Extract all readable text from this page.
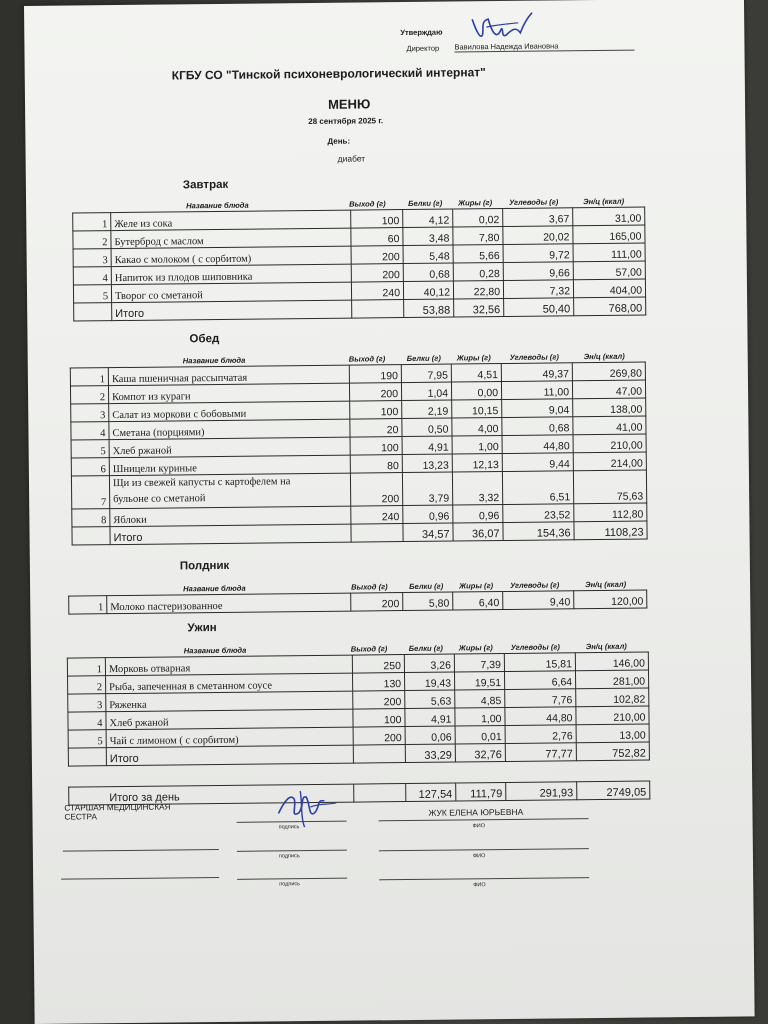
Утверждаю
Директор Вавилова Надежда Ивановна
КГБУ СО "Тинской психоневрологический интернат"
МЕНЮ
28 сентября 2025 г.
День:
диабет
Завтрак
Название блюда	Выход (г)	Белки (г) Жиры (г) Углеводы (г)	Эн/ц (ккал)
1	Желе из сока	100	4,12	0,02	3,67	31,00
2	Бутерброд с маслом	60	3,48	7,80	20,02	165,00
3	Какао с молоком ( с сорбитом)	200	5,48	5,66	9,72	111,00
4	Напиток из плодов шиповника	200	0,68	0,28	9,66	57,00
5	Творог со сметаной	240	40,12	22,80	7,32	404,00
	Итого		53,88	32,56	50,40	768,00
Обед
Название блюда	Выход (г)	Белки (г) Жиры (г) Углеводы (г)	Эн/ц (ккал)
1	Каша пшеничная рассыпчатая	190	7,95	4,51	49,37	269,80
2	Компот из кураги	200	1,04	0,00	11,00	47,00
3	Салат из моркови с бобовыми	100	2,19	10,15	9,04	138,00
4	Сметана (порциями)	20	0,50	4,00	0,68	41,00
5	Хлеб ржаной	100	4,91	1,00	44,80	210,00
6	Шницели куриные	80	13,23	12,13	9,44	214,00
7	Щи из свежей капусты с картофелем на
бульоне со сметаной	200	3,79	3,32	6,51	75,63
8	Яблоки	240	0,96	0,96	23,52	112,80
	Итого		34,57	36,07	154,36	1108,23
Полдник
Название блюда	Выход (г)	Белки (г) Жиры (г) Углеводы (г)	Эн/ц (ккал)
1	Молоко пастеризованное	200	5,80	6,40	9,40	120,00
Ужин
Название блюда	Выход (г)	Белки (г) Жиры (г) Углеводы (г)	Эн/ц (ккал)
1	Морковь отварная	250	3,26	7,39	15,81	146,00
2	Рыба, запеченная в сметанном соусе	130	19,43	19,51	6,64	281,00
3	Ряженка	200	5,63	4,85	7,76	102,82
4	Хлеб ржаной	100	4,91	1,00	44,80	210,00
5	Чай с лимоном ( с сорбитом)	200	0,06	0,01	2,76	13,00
	Итого		33,29	32,76	77,77	752,82
Итого за день		127,54	111,79	291,93	2749,05
СТАРШАЯ МЕДИЦИНСКАЯ СЕСТРА
подпись
ЖУК ЕЛЕНА ЮРЬЕВНА
ФИО
подпись	ФИО
подпись	ФИО
